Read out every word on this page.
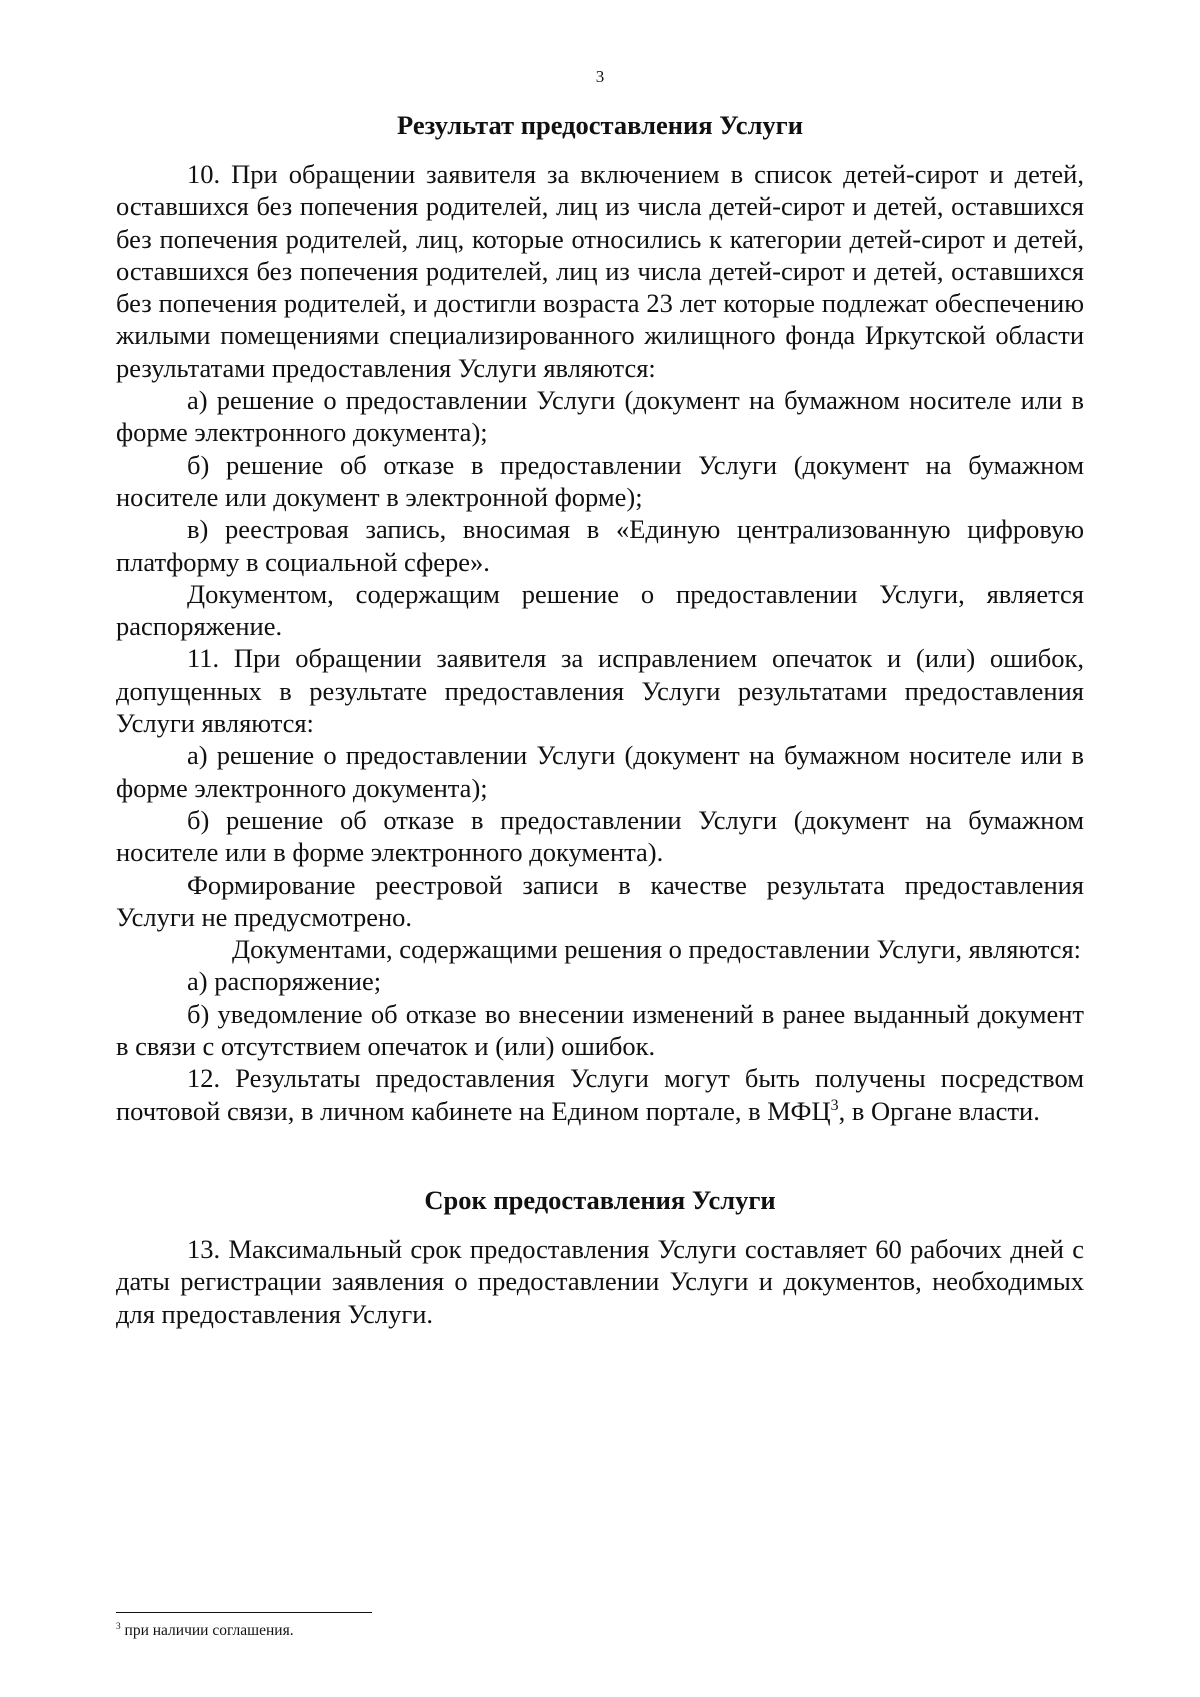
3
Результат предоставления Услуги

10. При обращении заявителя за включением в список детей-сирот и детей, оставшихся без попечения родителей, лиц из числа детей-сирот и детей, оставшихся без попечения родителей, лиц, которые относились к категории детей-сирот и детей, оставшихся без попечения родителей, лиц из числа детей-сирот и детей, оставшихся без попечения родителей, и достигли возраста 23 лет которые подлежат обеспечению жилыми помещениями специализированного жилищного фонда Иркутской области результатами предоставления Услуги являются:

а) решение о предоставлении Услуги (документ на бумажном носителе или в форме электронного документа);

б) решение об отказе в предоставлении Услуги (документ на бумажном носителе или документ в электронной форме);

в) реестровая запись, вносимая в «Единую централизованную цифровую платформу в социальной сфере».

Документом, содержащим решение о предоставлении Услуги, является распоряжение.

11. При обращении заявителя за исправлением опечаток и (или) ошибок, допущенных в результате предоставления Услуги результатами предоставления Услуги являются:

а) решение о предоставлении Услуги (документ на бумажном носителе или в форме электронного документа);

б) решение об отказе в предоставлении Услуги (документ на бумажном носителе или в форме электронного документа).

Формирование реестровой записи в качестве результата предоставления Услуги не предусмотрено.

Документами, содержащими решения о предоставлении Услуги, являются:

а) распоряжение;

б) уведомление об отказе во внесении изменений в ранее выданный документ в связи с отсутствием опечаток и (или) ошибок.

12. Результаты предоставления Услуги могут быть получены посредством почтовой связи, в личном кабинете на Едином портале, в МФЦ$^3$, в Органе власти.

Срок предоставления Услуги

13. Максимальный срок предоставления Услуги составляет 60 рабочих дней с даты регистрации заявления о предоставлении Услуги и документов, необходимых для предоставления Услуги.

$^3$ при наличии соглашения.
